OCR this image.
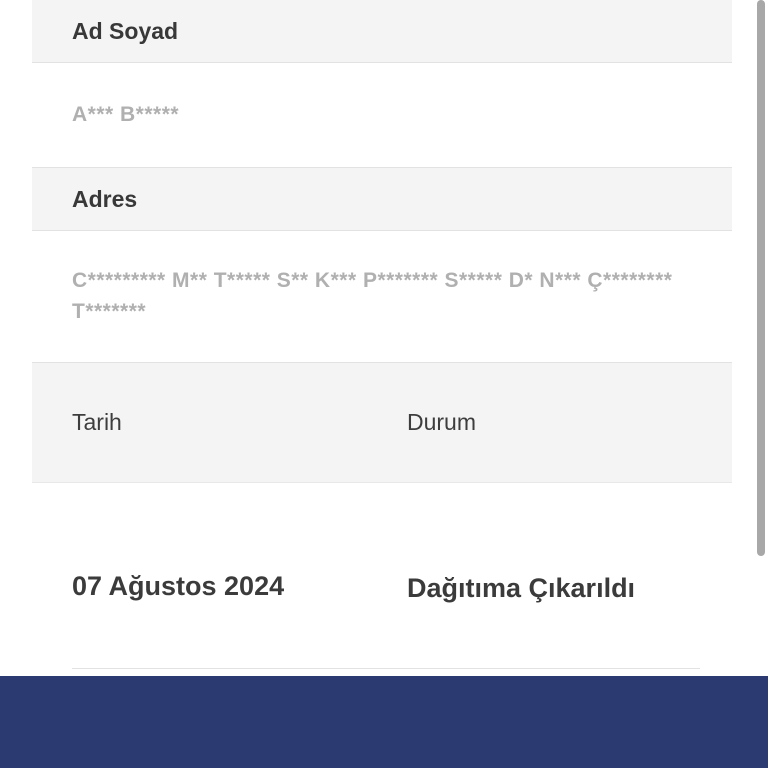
Ad Soyad
A*** B*****
Adres
C********* M** T***** S** K*** P******* S***** D* N*** Ç******** T*******
Tarih	Durum
07 Ağustos 2024	Dağıtıma Çıkarıldı
